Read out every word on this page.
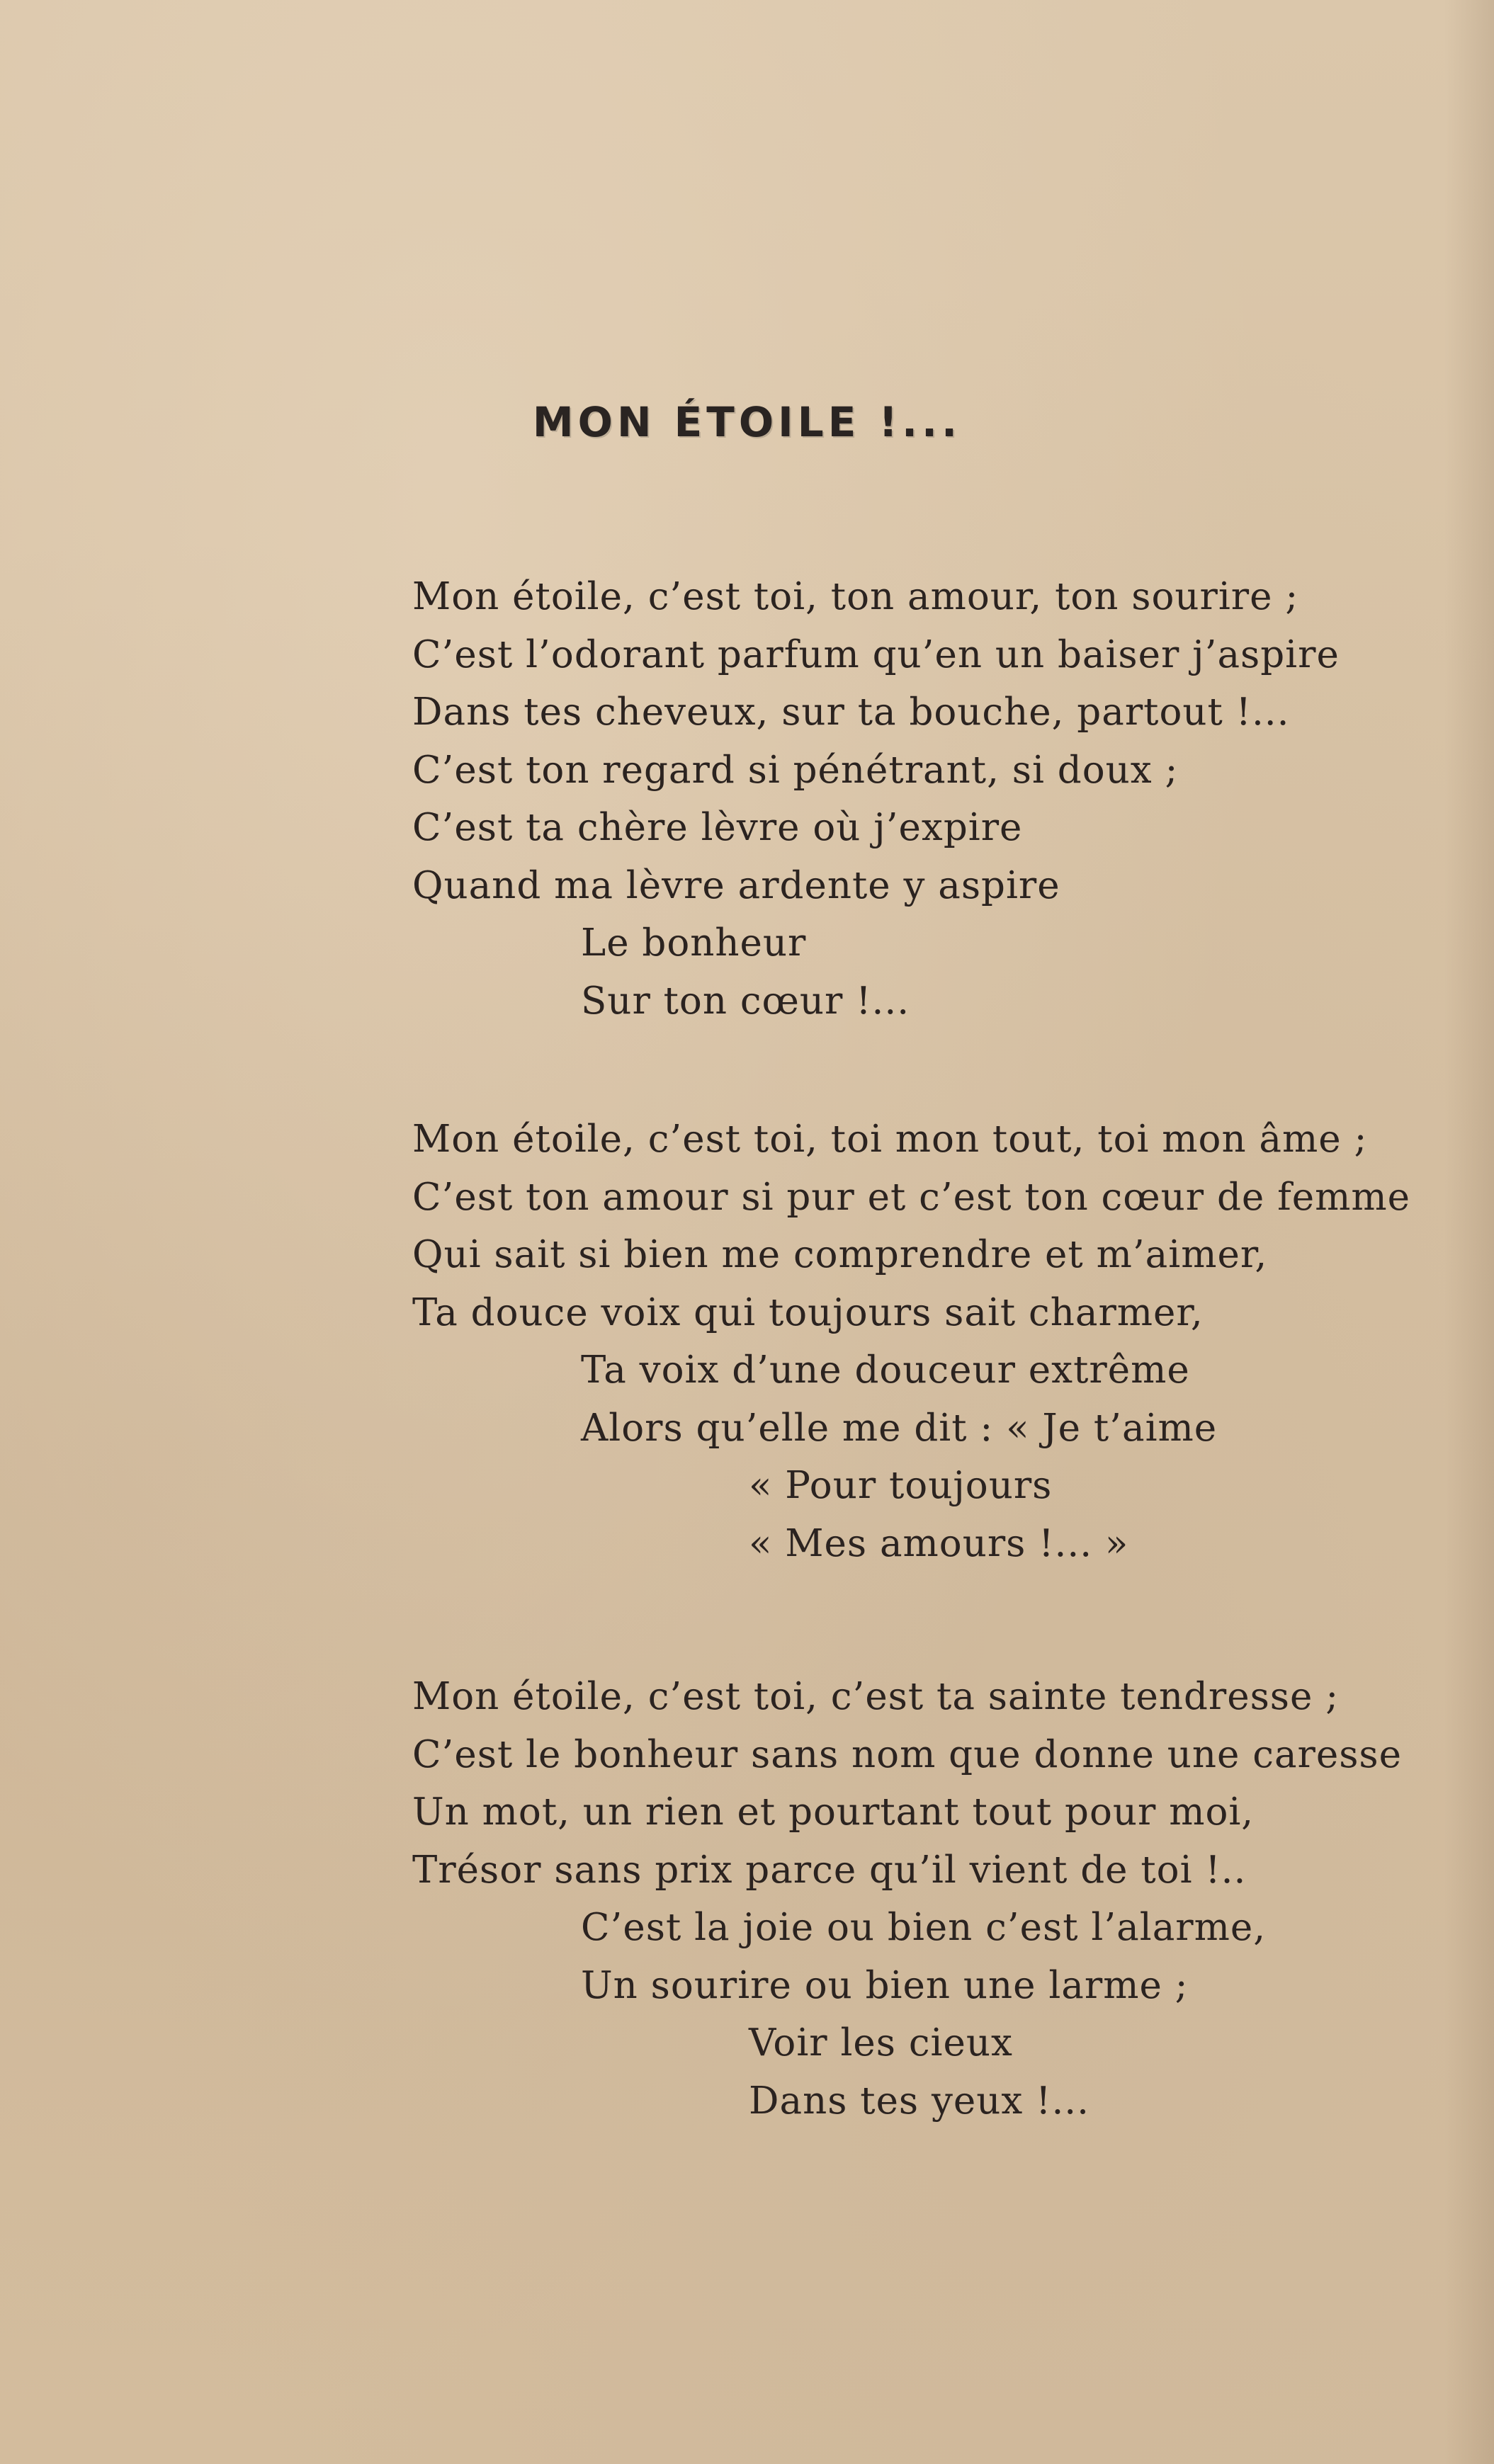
MON ÉTOILE !...
Mon étoile, c’est toi, ton amour, ton sourire ;
C’est l’odorant parfum qu’en un baiser j’aspire
Dans tes cheveux, sur ta bouche, partout !...
C’est ton regard si pénétrant, si doux ;
C’est ta chère lèvre où j’expire
Quand ma lèvre ardente y aspire
Le bonheur
Sur ton cœur !...
Mon étoile, c’est toi, toi mon tout, toi mon âme ;
C’est ton amour si pur et c’est ton cœur de femme
Qui sait si bien me comprendre et m’aimer,
Ta douce voix qui toujours sait charmer,
Ta voix d’une douceur extrême
Alors qu’elle me dit : « Je t’aime
« Pour toujours
« Mes amours !... »
Mon étoile, c’est toi, c’est ta sainte tendresse ;
C’est le bonheur sans nom que donne une caresse
Un mot, un rien et pourtant tout pour moi,
Trésor sans prix parce qu’il vient de toi !..
C’est la joie ou bien c’est l’alarme,
Un sourire ou bien une larme ;
Voir les cieux
Dans tes yeux !...
